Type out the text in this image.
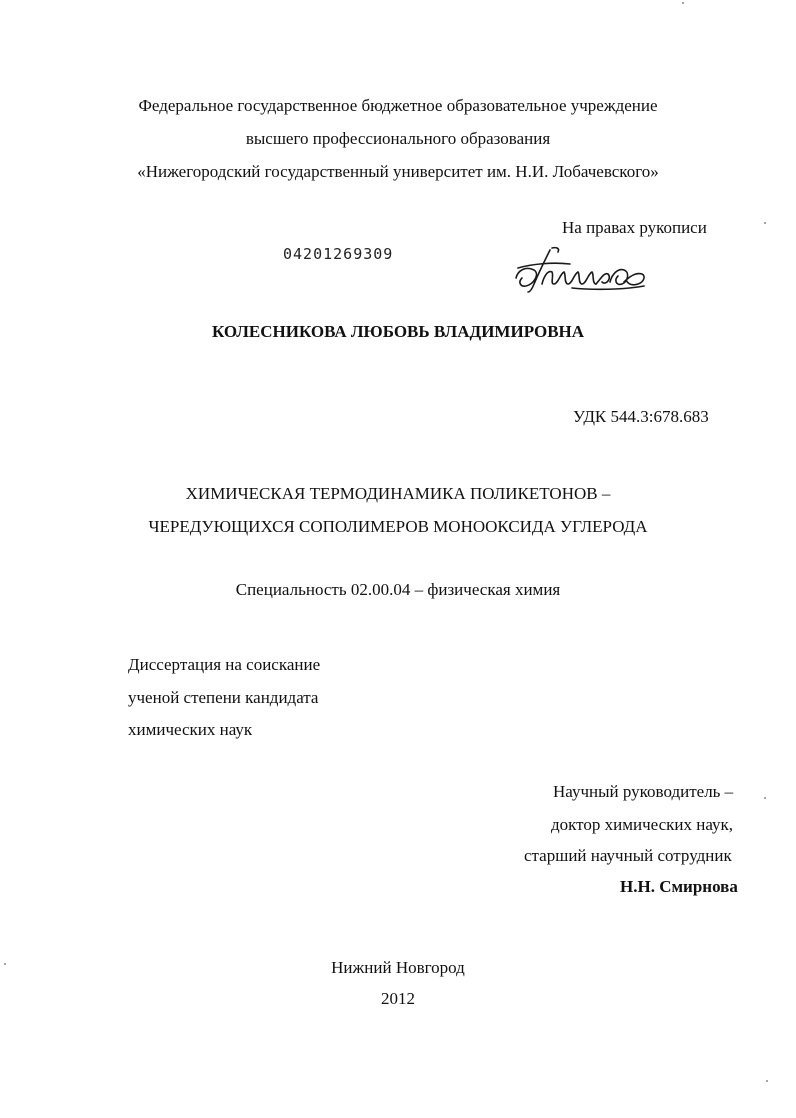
Федеральное государственное бюджетное образовательное учреждение
высшего профессионального образования
«Нижегородский государственный университет им. Н.И. Лобачевского»
На правах рукописи
04201269309
КОЛЕСНИКОВА ЛЮБОВЬ ВЛАДИМИРОВНА
УДК 544.3:678.683
ХИМИЧЕСКАЯ ТЕРМОДИНАМИКА ПОЛИКЕТОНОВ –
ЧЕРЕДУЮЩИХСЯ СОПОЛИМЕРОВ МОНООКСИДА УГЛЕРОДА
Специальность 02.00.04 – физическая химия
Диссертация на соискание
ученой степени кандидата
химических наук
Научный руководитель –
доктор химических наук,
старший научный сотрудник
Н.Н. Смирнова
Нижний Новгород
2012
